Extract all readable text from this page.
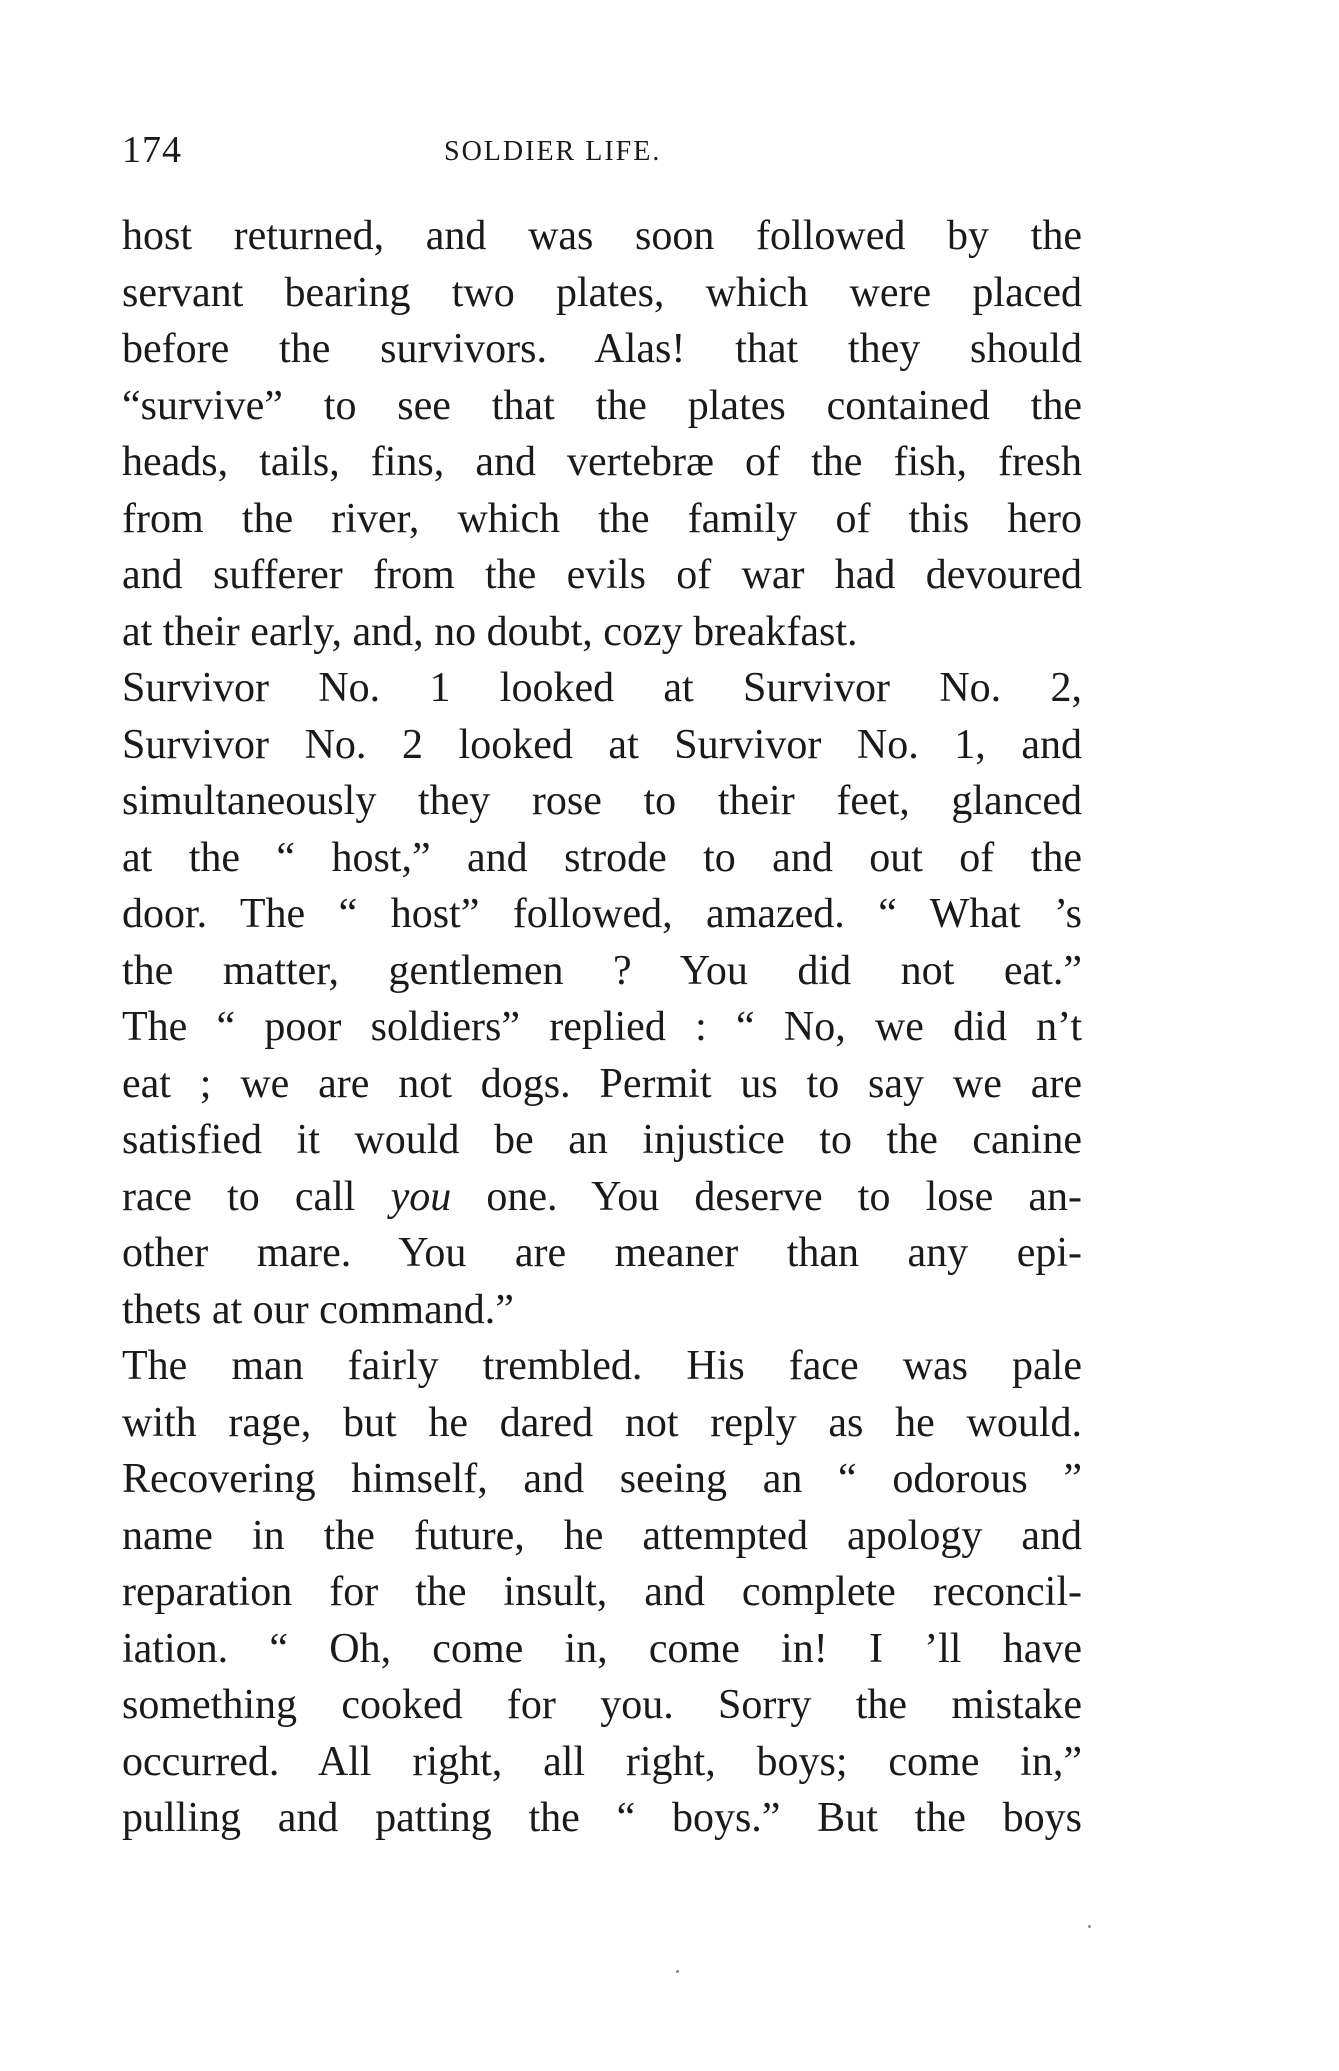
174	SOLDIER LIFE.
host returned, and was soon followed by the
servant bearing two plates, which were placed
before the survivors. Alas! that they should
“survive” to see that the plates contained the
heads, tails, fins, and vertebræ of the fish, fresh
from the river, which the family of this hero
and sufferer from the evils of war had devoured
at their early, and, no doubt, cozy breakfast.
Survivor No. 1 looked at Survivor No. 2,
Survivor No. 2 looked at Survivor No. 1, and
simultaneously they rose to their feet, glanced
at the “ host,” and strode to and out of the
door. The “ host” followed, amazed. “ What ’s
the matter, gentlemen ? You did not eat.”
The “ poor soldiers” replied : “ No, we did n’t
eat ; we are not dogs. Permit us to say we are
satisfied it would be an injustice to the canine
race to call you one. You deserve to lose an-
other mare. You are meaner than any epi-
thets at our command.”
The man fairly trembled. His face was pale
with rage, but he dared not reply as he would.
Recovering himself, and seeing an “ odorous ”
name in the future, he attempted apology and
reparation for the insult, and complete reconcil-
iation. “ Oh, come in, come in! I ’ll have
something cooked for you. Sorry the mistake
occurred. All right, all right, boys; come in,”
pulling and patting the “ boys.” But the boys
